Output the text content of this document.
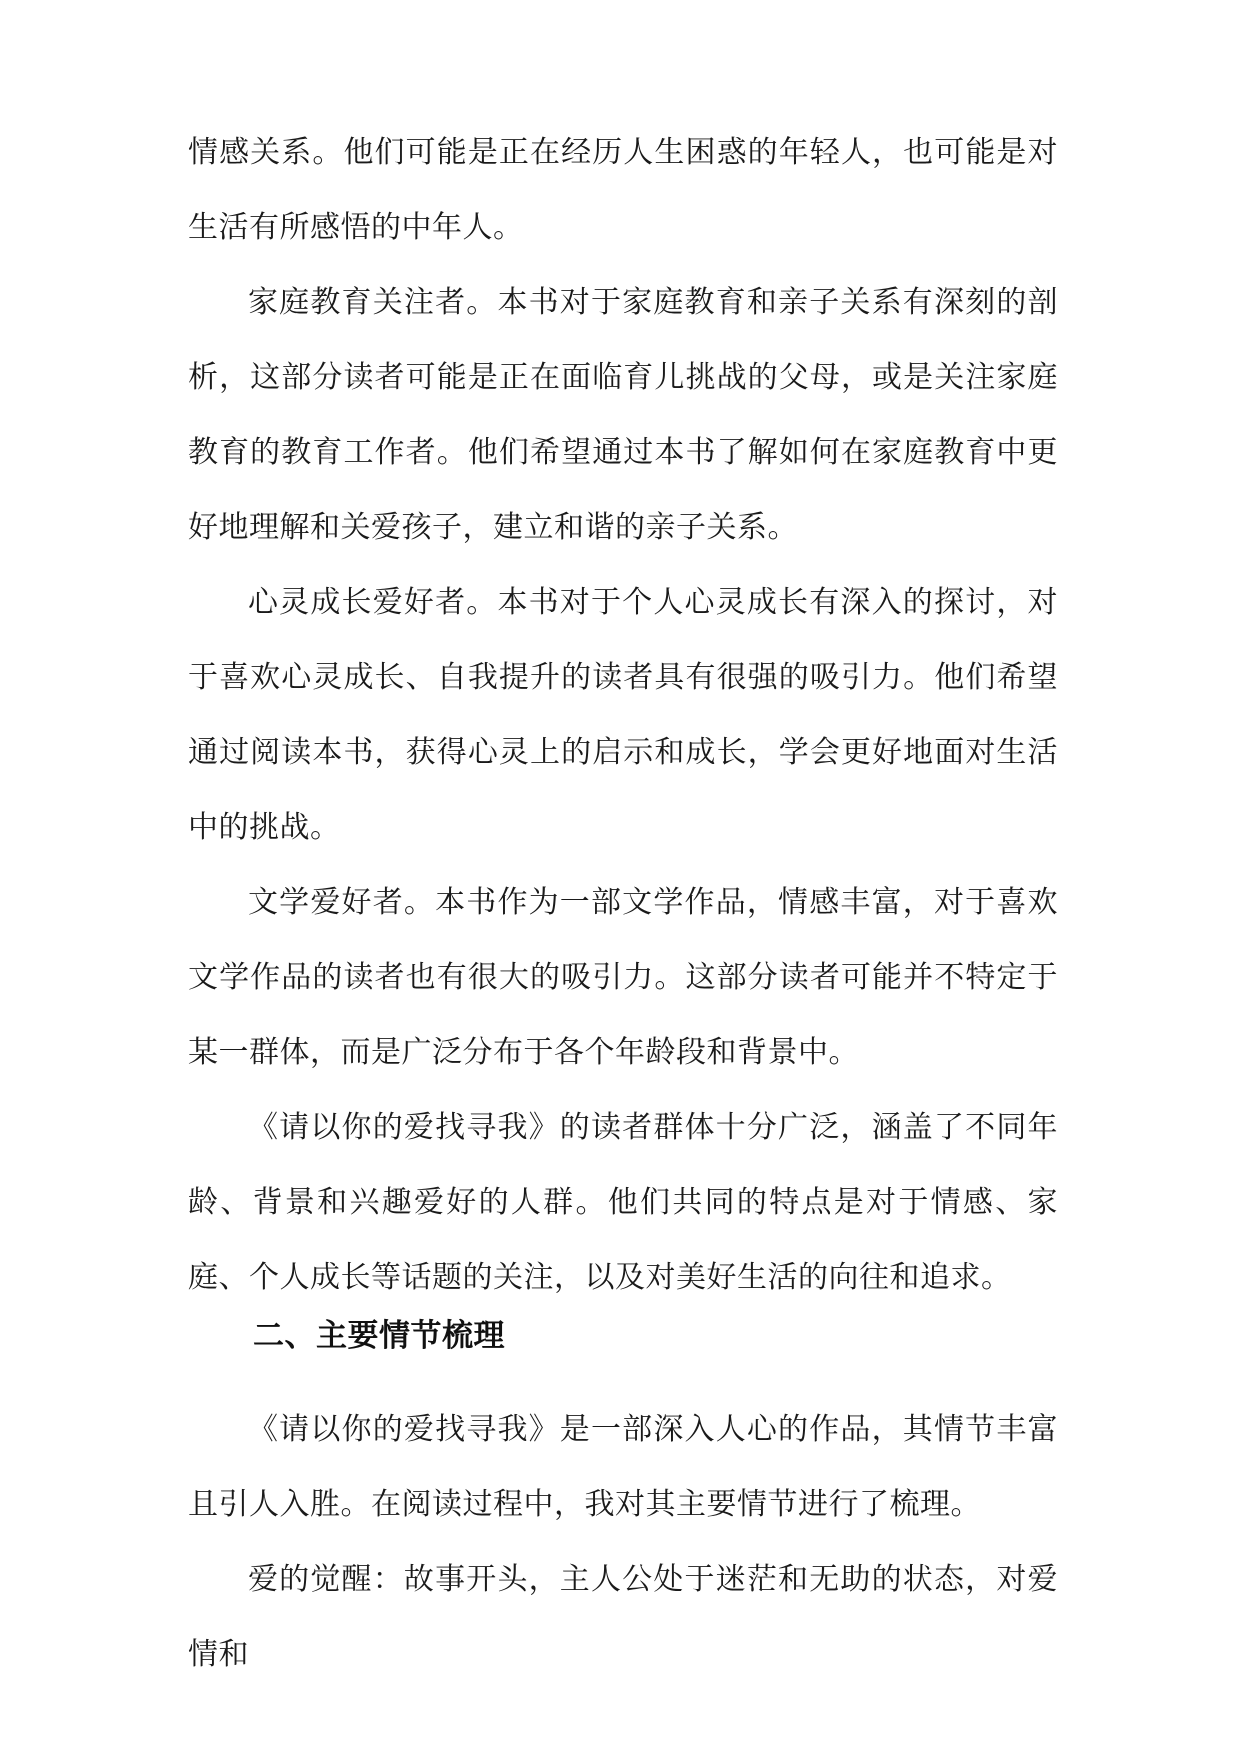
情感关系。他们可能是正在经历人生困惑的年轻人，也可能是对生活有所感悟的中年人。

家庭教育关注者。本书对于家庭教育和亲子关系有深刻的剖析，这部分读者可能是正在面临育儿挑战的父母，或是关注家庭教育的教育工作者。他们希望通过本书了解如何在家庭教育中更好地理解和关爱孩子，建立和谐的亲子关系。

心灵成长爱好者。本书对于个人心灵成长有深入的探讨，对于喜欢心灵成长、自我提升的读者具有很强的吸引力。他们希望通过阅读本书，获得心灵上的启示和成长，学会更好地面对生活中的挑战。

文学爱好者。本书作为一部文学作品，情感丰富，对于喜欢文学作品的读者也有很大的吸引力。这部分读者可能并不特定于某一群体，而是广泛分布于各个年龄段和背景中。

《请以你的爱找寻我》的读者群体十分广泛，涵盖了不同年龄、背景和兴趣爱好的人群。他们共同的特点是对于情感、家庭、个人成长等话题的关注，以及对美好生活的向往和追求。

二、主要情节梳理

《请以你的爱找寻我》是一部深入人心的作品，其情节丰富且引人入胜。在阅读过程中，我对其主要情节进行了梳理。

爱的觉醒：故事开头，主人公处于迷茫和无助的状态，对爱情和
